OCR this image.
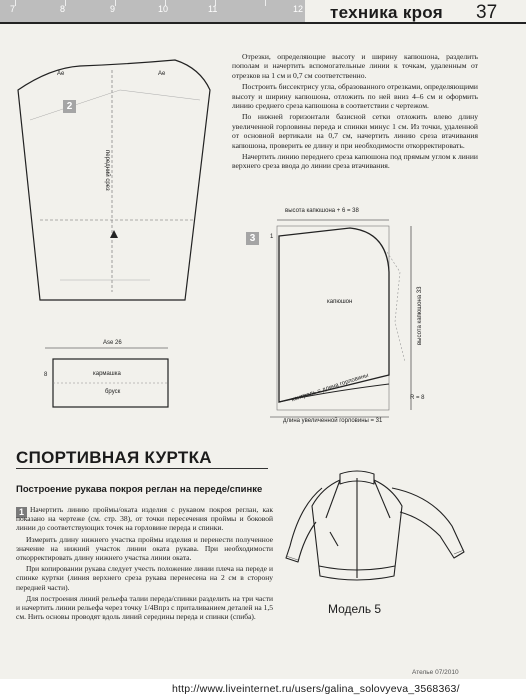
7	8	9	10	11	12 техника кроя 37

Отрезки, определяющие высоту и ширину капюшона, разделить пополам и начертить вспомогательные линии к точкам, удаленным от отрезков на 1 см и 0,7 см соответственно.

Построить биссектрису угла, образованного отрезками, определяющими высоту и ширину капюшона, отложить по ней вниз 4–6 см и оформить линию среднего среза капюшона в соответствии с чертежом.

По нижней горизонтали базисной сетки отложить влево длину увеличенной горловины переда и спинки минус 1 см. Из точки, удаленной от основной вертикали на 0,7 см, начертить линию среза втачивания капюшона, проверить ее длину и при необходимости откорректировать.

Начертить линию переднего среза капюшона под прямым углом к линии верхнего среза ввода до линии среза втачивания.

2
Аe	Ae
передний срез
Аsе 26
8	кармашка
бруск
3
высота капюшона + 6 = 38
капюшон	высота капюшона 33
контроль = длина горловины
длина увеличенной горловины = 31
1
R = 8
СПОРТИВНАЯ КУРТКА
Построение рукава покроя реглан на переде/спинке
1 Начертить линию проймы/оката изделия с рукавом покроя реглан, как показано на чертеже (см. стр. 38), от точки пересечения проймы и боковой линии до соответствующих точек на горловине переда и спинки.

Измерить длину нижнего участка проймы изделия и перенести полученное значение на нижний участок линии оката рукава. При необходимости откорректировать длину нижнего участка линии оката.

При копировании рукава следует учесть положение линии плеча на переде и спинке куртки (линия верхнего среза рукава перенесена на 2 см в сторону передней части).

Для построения линий рельефа талии переда/спинки разделить на три части и начертить линии рельефа через точку 1/4Впрз с приталиванием деталей на 1,5 см. Нить основы проводят вдоль линий середины переда и спинки (спиба).

Модель 5
Ателье 07/2010
http://www.liveinternet.ru/users/galina_solovyeva_3568363/
